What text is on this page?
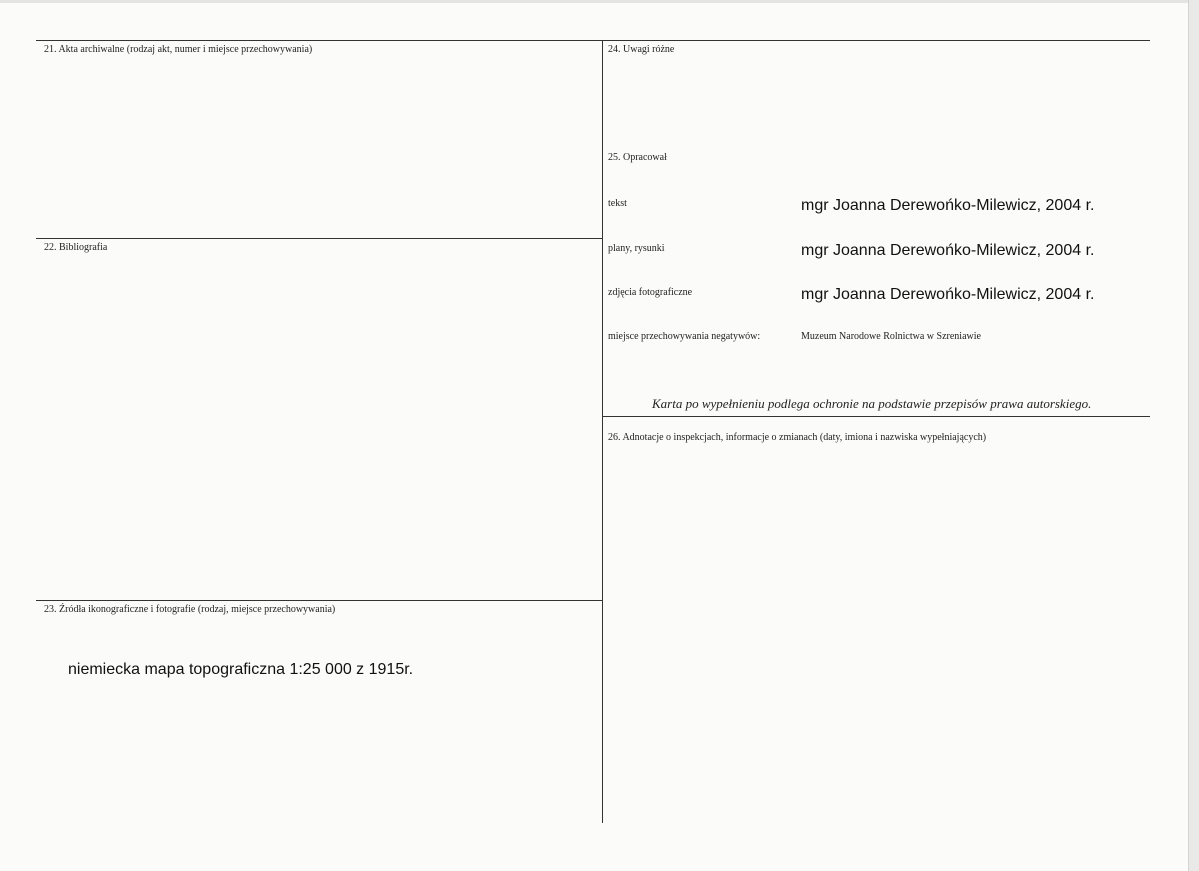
21. Akta archiwalne (rodzaj akt, numer i miejsce przechowywania)
22. Bibliografia
23. Źródła ikonograficzne i fotografie (rodzaj, miejsce przechowywania)
niemiecka mapa topograficzna 1:25 000 z 1915r.
24. Uwagi różne
25. Opracował
tekst	mgr Joanna Derewońko-Milewicz, 2004 r.
plany, rysunki	mgr Joanna Derewońko-Milewicz, 2004 r.
zdjęcia fotograficzne	mgr Joanna Derewońko-Milewicz, 2004 r.
miejsce przechowywania negatywów:	Muzeum Narodowe Rolnictwa w Szreniawie
Karta po wypełnieniu podlega ochronie na podstawie przepisów prawa autorskiego.
26. Adnotacje o inspekcjach, informacje o zmianach (daty, imiona i nazwiska wypełniających)
